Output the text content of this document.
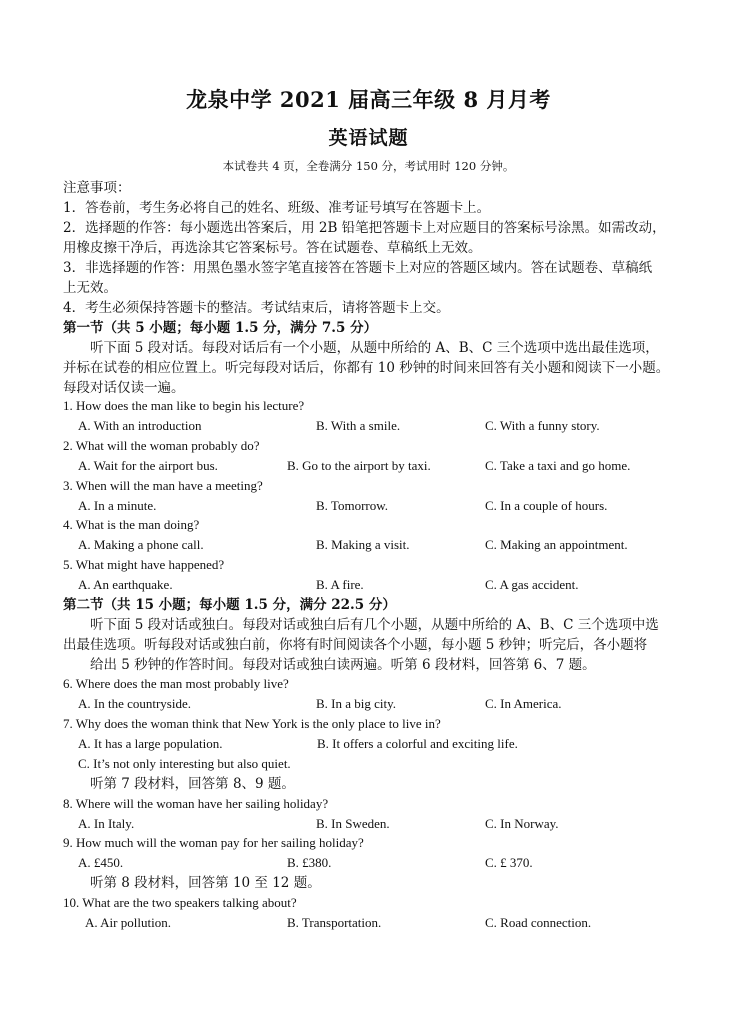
龙泉中学 2021 届高三年级 8 月月考
英语试题
本试卷共 4 页，全卷满分 150 分，考试用时 120 分钟。
注意事项：
1．答卷前，考生务必将自己的姓名、班级、准考证号填写在答题卡上。
2．选择题的作答：每小题选出答案后，用 2B 铅笔把答题卡上对应题目的答案标号涂黑。如需改动，
用橡皮擦干净后，再选涂其它答案标号。答在试题卷、草稿纸上无效。
3．非选择题的作答：用黑色墨水签字笔直接答在答题卡上对应的答题区域内。答在试题卷、草稿纸
上无效。
4．考生必须保持答题卡的整洁。考试结束后，请将答题卡上交。
第一节（共 5 小题；每小题 1.5 分，满分 7.5 分）
听下面 5 段对话。每段对话后有一个小题，从题中所给的 A、B、C 三个选项中选出最佳选项，
并标在试卷的相应位置上。听完每段对话后，你都有 10 秒钟的时间来回答有关小题和阅读下一小题。
每段对话仅读一遍。
1. How does the man like to begin his lecture?
A. With an introduction	B. With a smile.	C. With a funny story.
2. What will the woman probably do?
A. Wait for the airport bus.	B. Go to the airport by taxi.	C. Take a taxi and go home.
3. When will the man have a meeting?
A. In a minute.	B. Tomorrow.	C. In a couple of hours.
4. What is the man doing?
A. Making a phone call.	B. Making a visit.	C. Making an appointment.
5. What might have happened?
A. An earthquake.	B. A fire.	C. A gas accident.
第二节（共 15 小题；每小题 1.5 分，满分 22.5 分）
听下面 5 段对话或独白。每段对话或独白后有几个小题，从题中所给的 A、B、C 三个选项中选
出最佳选项。听每段对话或独白前，你将有时间阅读各个小题，每小题 5 秒钟；听完后，各小题将
给出 5 秒钟的作答时间。每段对话或独白读两遍。听第 6 段材料，回答第 6、7 题。
6. Where does the man most probably live?
A. In the countryside.	B. In a big city.	C. In America.
7. Why does the woman think that New York is the only place to live in?
A. It has a large population.	B. It offers a colorful and exciting life.
C. It’s not only interesting but also quiet.
听第 7 段材料，回答第 8、9 题。
8. Where will the woman have her sailing holiday?
A. In Italy.	B. In Sweden.	C. In Norway.
9. How much will the woman pay for her sailing holiday?
A. £450.	B. £380.	C. £ 370.
听第 8 段材料，回答第 10 至 12 题。
10. What are the two speakers talking about?
A. Air pollution.	B. Transportation.	C. Road connection.
